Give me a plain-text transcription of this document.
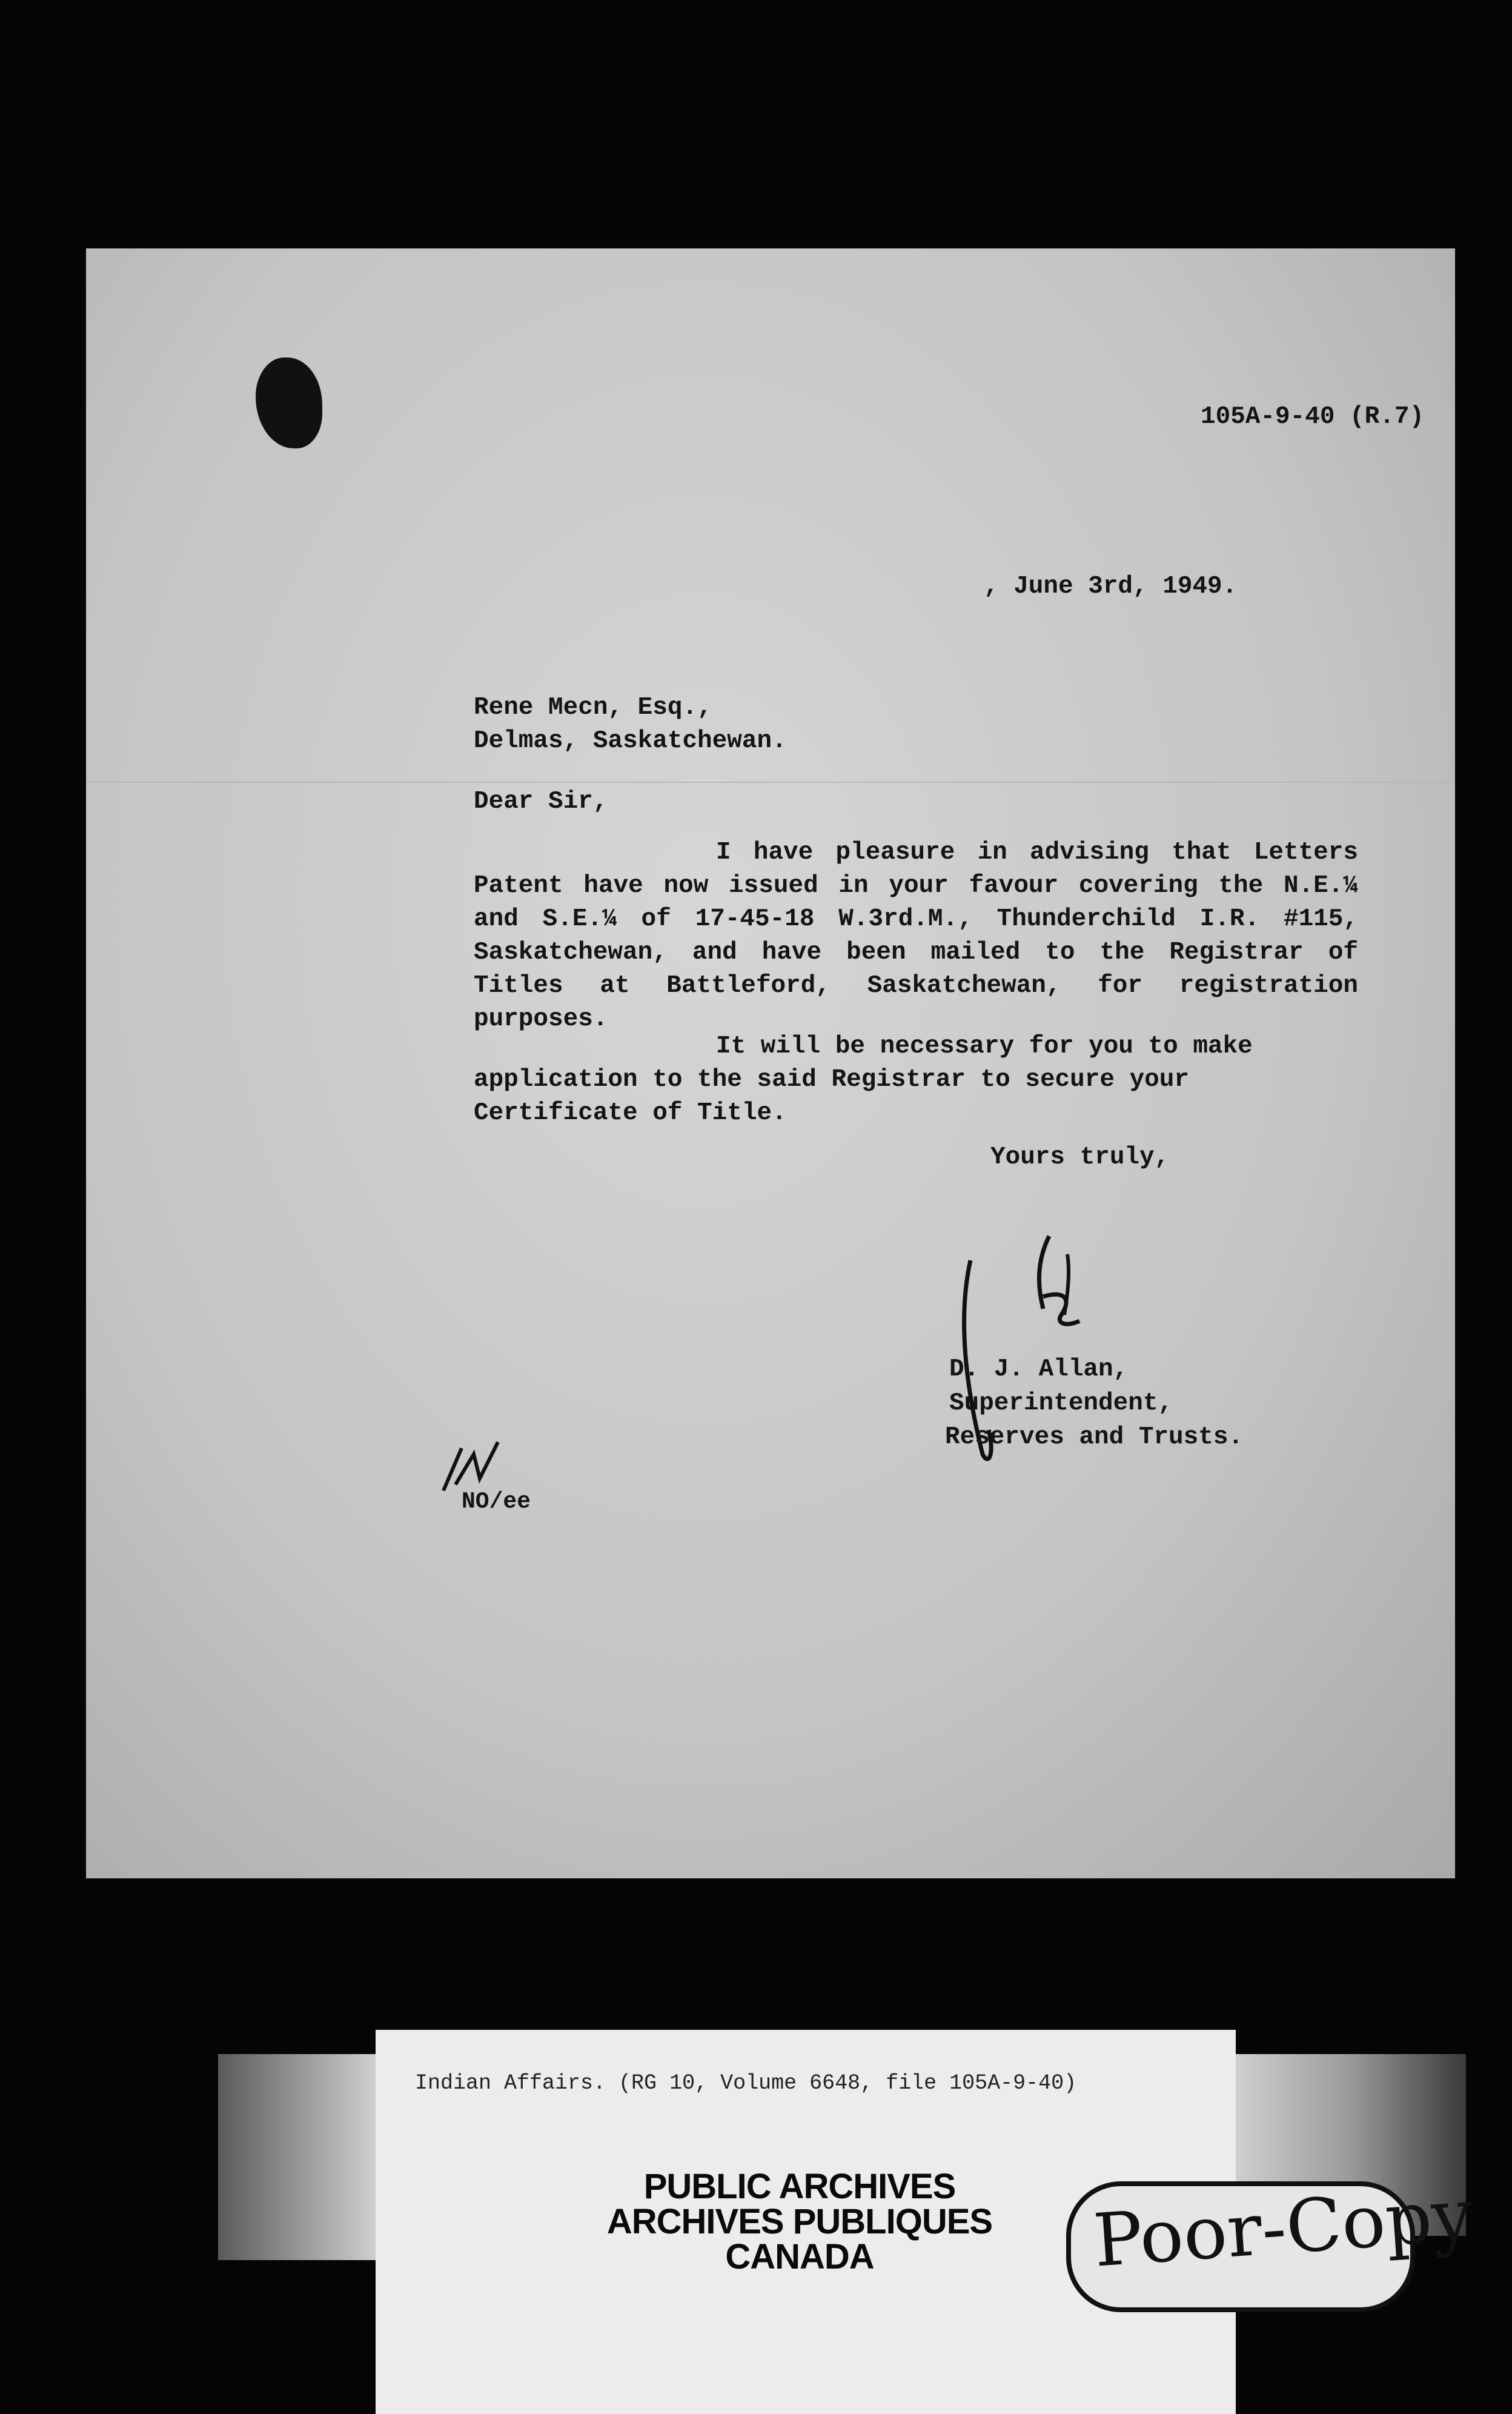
105A-9-40 (R.7)
, June 3rd, 1949.
Rene Mecn, Esq.,
Delmas, Saskatchewan.
Dear Sir,
I have pleasure in advising that Letters Patent have now issued in your favour covering the N.E.¼ and S.E.¼ of 17-45-18 W.3rd.M., Thunderchild I.R. #115, Saskatchewan, and have been mailed to the Registrar of Titles at Battleford, Saskatchewan, for registration purposes.
It will be necessary for you to make application to the said Registrar to secure your Certificate of Title.
Yours truly,
D. J. Allan,
Superintendent,
Reserves and Trusts.
NO/ee
Indian Affairs. (RG 10, Volume 6648, file 105A-9-40)
PUBLIC ARCHIVES
ARCHIVES PUBLIQUES
CANADA	Poor-Copy
